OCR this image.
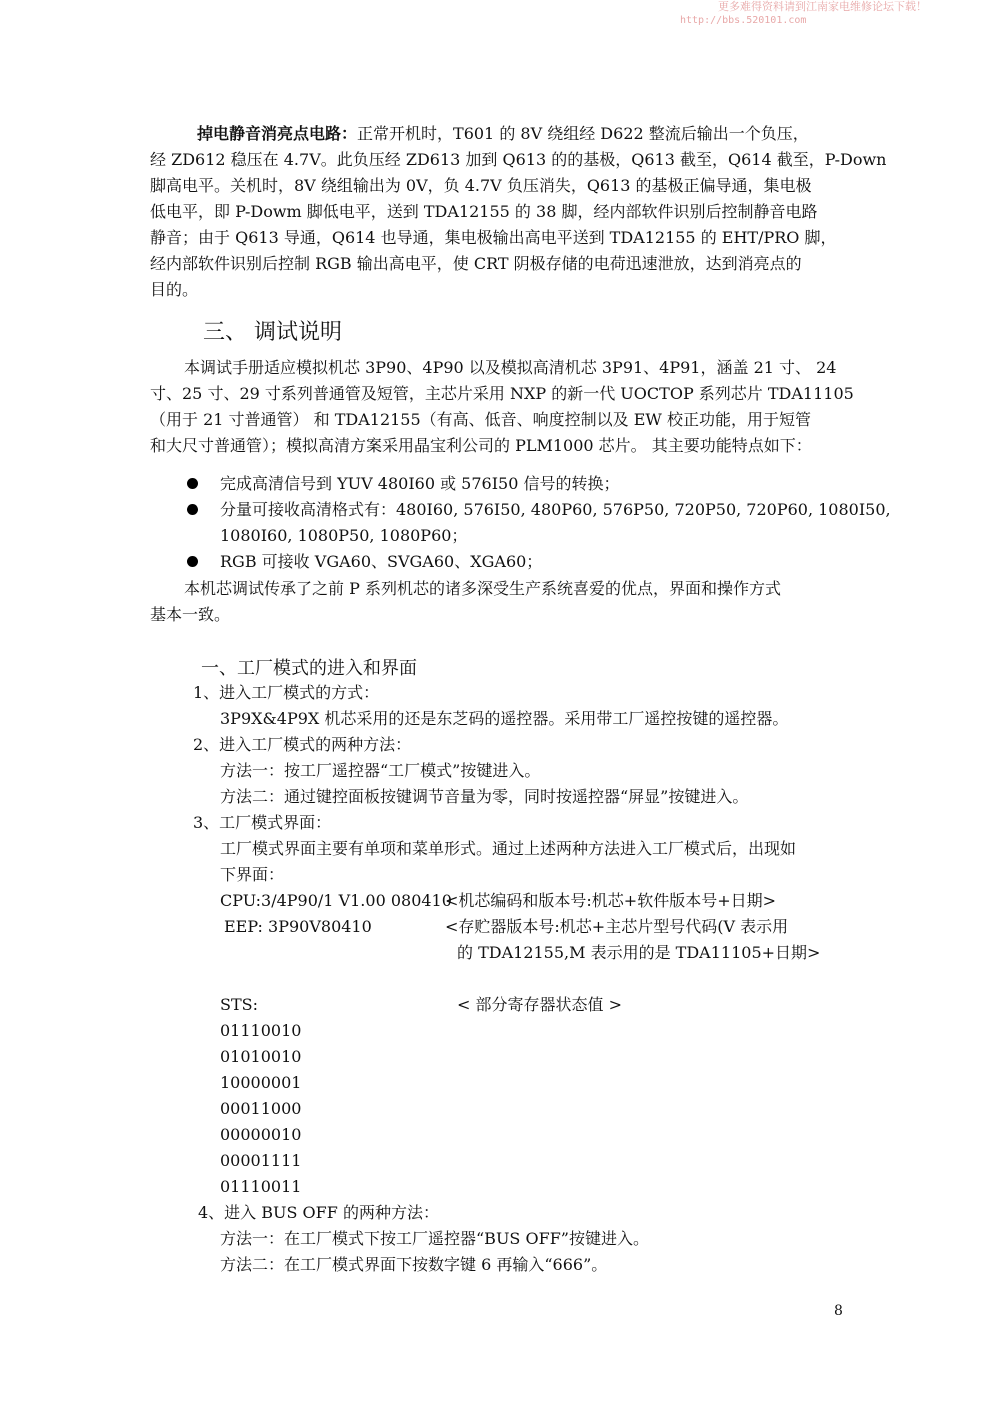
更多难得资料请到江南家电维修论坛下载！
http://bbs.520101.com
掉电静音消亮点电路：正常开机时，T601 的 8V 绕组经 D622 整流后输出一个负压，
经 ZD612 稳压在 4.7V。此负压经 ZD613 加到 Q613 的的基极，Q613 截至，Q614 截至，P-Down
脚高电平。关机时，8V 绕组输出为 0V，负 4.7V 负压消失，Q613 的基极正偏导通，集电极
低电平，即 P-Dowm 脚低电平，送到 TDA12155 的 38 脚，经内部软件识别后控制静音电路
静音；由于 Q613 导通，Q614 也导通，集电极输出高电平送到 TDA12155 的 EHT/PRO 脚，
经内部软件识别后控制 RGB 输出高电平，使 CRT 阴极存储的电荷迅速泄放，达到消亮点的
目的。
三、 调试说明
本调试手册适应模拟机芯 3P90、4P90 以及模拟高清机芯 3P91、4P91，涵盖 21 寸、 24
寸、25 寸、29 寸系列普通管及短管，主芯片采用 NXP 的新一代 UOCTOP 系列芯片 TDA11105
（用于 21 寸普通管） 和 TDA12155（有高、低音、响度控制以及 EW 校正功能，用于短管
和大尺寸普通管）；模拟高清方案采用晶宝利公司的 PLM1000 芯片。 其主要功能特点如下：
完成高清信号到 YUV 480I60 或 576I50 信号的转换；
分量可接收高清格式有：480I60, 576I50, 480P60, 576P50, 720P50, 720P60, 1080I50,
1080I60, 1080P50, 1080P60；
RGB 可接收 VGA60、SVGA60、XGA60；
本机芯调试传承了之前 P 系列机芯的诸多深受生产系统喜爱的优点，界面和操作方式
基本一致。
一、工厂模式的进入和界面
1、进入工厂模式的方式：
3P9X&4P9X 机芯采用的还是东芝码的遥控器。采用带工厂遥控按键的遥控器。
2、进入工厂模式的两种方法：
方法一：按工厂遥控器“工厂模式”按键进入。
方法二：通过键控面板按键调节音量为零，同时按遥控器“屏显”按键进入。
3、工厂模式界面：
工厂模式界面主要有单项和菜单形式。通过上述两种方法进入工厂模式后，出现如
下界面：
CPU:3/4P90/1 V1.00 080410
<机芯编码和版本号:机芯+软件版本号+日期>
EEP: 3P90V80410	<存贮器版本号:机芯+主芯片型号代码(V 表示用
的 TDA12155,M 表示用的是 TDA11105+日期>
STS:	< 部分寄存器状态值 >
01110010
01010010
10000001
00011000
00000010
00001111
01110011
4、进入 BUS OFF 的两种方法：
方法一：在工厂模式下按工厂遥控器“BUS OFF”按键进入。
方法二：在工厂模式界面下按数字键 6 再输入“666”。
8
